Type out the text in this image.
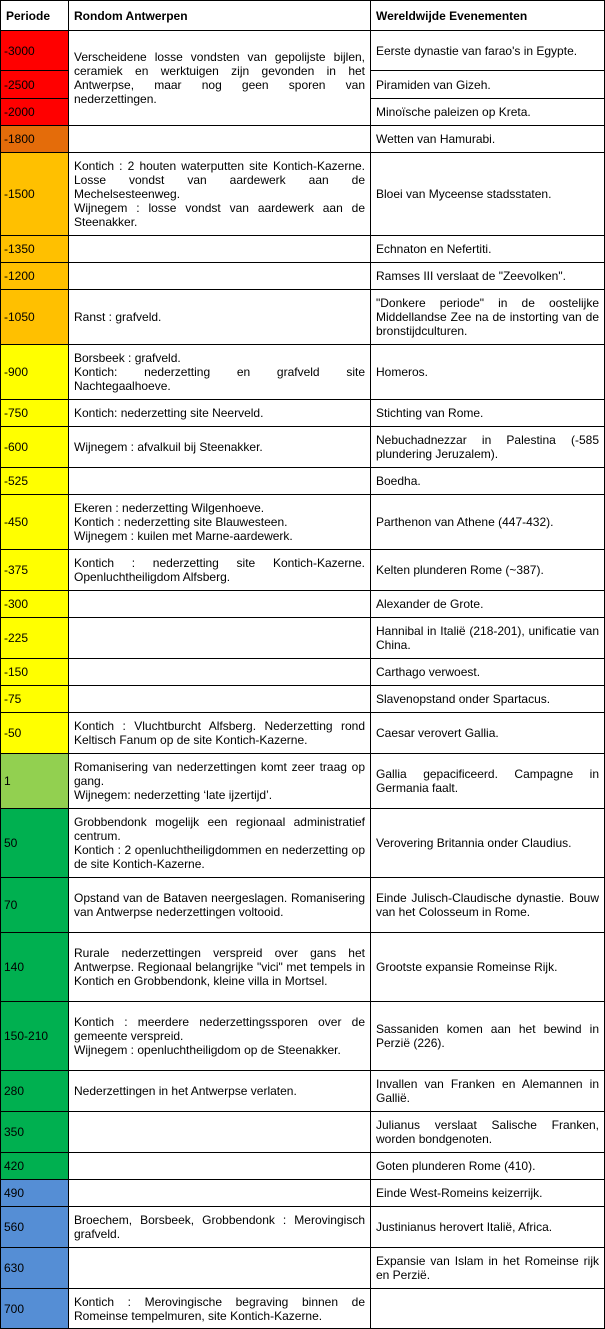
Periode	Rondom Antwerpen	Wereldwijde Evenementen
-3000	Verscheidene losse vondsten van gepolijste bijlen, ceramiek en werktuigen zijn gevonden in het Antwerpse, maar nog geen sporen van nederzettingen.	Eerste dynastie van farao's in Egypte.

-2500		Piramiden van Gizeh.

-2000		Minoïsche paleizen op Kreta.

-1800		Wetten van Hamurabi.

-1500	Kontich : 2 houten waterputten site Kontich-Kazerne. Losse vondst van aardewerk aan de Mechelsesteenweg.
Wijnegem : losse vondst van aardewerk aan de Steenakker.	Bloei van Myceense stadsstaten.

-1350		Echnaton en Nefertiti.

-1200		Ramses III verslaat de "Zeevolken".

-1050	Ranst : grafveld.	"Donkere periode" in de oostelijke Middellandse Zee na de instorting van de bronstijdculturen.

-900	Borsbeek : grafveld.
Kontich: nederzetting en grafveld site Nachtegaalhoeve.	Homeros.

-750	Kontich: nederzetting site Neerveld.	Stichting van Rome.

-600	Wijnegem : afvalkuil bij Steenakker.	Nebuchadnezzar in Palestina (-585 plundering Jeruzalem).

-525		Boedha.

-450	Ekeren : nederzetting Wilgenhoeve.
Kontich : nederzetting site Blauwesteen.
Wijnegem : kuilen met Marne-aardewerk.	Parthenon van Athene (447-432).

-375	Kontich : nederzetting site Kontich-Kazerne. Openluchtheiligdom Alfsberg.	Kelten plunderen Rome (~387).

-300		Alexander de Grote.

-225		Hannibal in Italië (218-201), unificatie van China.

-150		Carthago verwoest.

-75		Slavenopstand onder Spartacus.

-50	Kontich : Vluchtburcht Alfsberg. Nederzetting rond Keltisch Fanum op de site Kontich-Kazerne.	Caesar verovert Gallia.

1	Romanisering van nederzettingen komt zeer traag op gang.
Wijnegem: nederzetting ‘late ijzertijd’.	Gallia gepacificeerd. Campagne in Germania faalt.

50	Grobbendonk mogelijk een regionaal administratief centrum.
Kontich : 2 openluchtheiligdommen en nederzetting op de site Kontich-Kazerne.	Verovering Britannia onder Claudius.

70	Opstand van de Bataven neergeslagen. Romanisering van Antwerpse nederzettingen voltooid.	Einde Julisch-Claudische dynastie. Bouw van het Colosseum in Rome.

140	Rurale nederzettingen verspreid over gans het Antwerpse. Regionaal belangrijke "vici" met tempels in Kontich en Grobbendonk, kleine villa in Mortsel.	Grootste expansie Romeinse Rijk.

150-210	Kontich : meerdere nederzettingssporen over de gemeente verspreid.
Wijnegem : openluchtheiligdom op de Steenakker.	Sassaniden komen aan het bewind in Perzië (226).

280	Nederzettingen in het Antwerpse verlaten.	Invallen van Franken en Alemannen in Gallië.

350		Julianus verslaat Salische Franken, worden bondgenoten.

420		Goten plunderen Rome (410).

490		Einde West-Romeins keizerrijk.

560	Broechem, Borsbeek, Grobbendonk : Merovingisch grafveld.	Justinianus herovert Italië, Africa.

630		Expansie van Islam in het Romeinse rijk en Perzië.

700	Kontich : Merovingische begraving binnen de Romeinse tempelmuren, site Kontich-Kazerne.	
